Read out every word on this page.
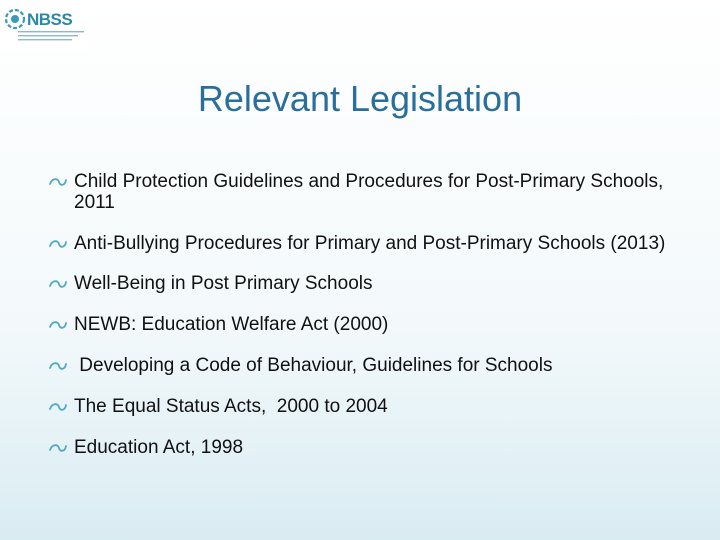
NBSS
Relevant Legislation
Child Protection Guidelines and Procedures for Post-Primary Schools, 2011
Anti-Bullying Procedures for Primary and Post-Primary Schools (2013)
Well-Being in Post Primary Schools
NEWB: Education Welfare Act (2000)
Developing a Code of Behaviour, Guidelines for Schools
The Equal Status Acts,  2000 to 2004
Education Act, 1998
